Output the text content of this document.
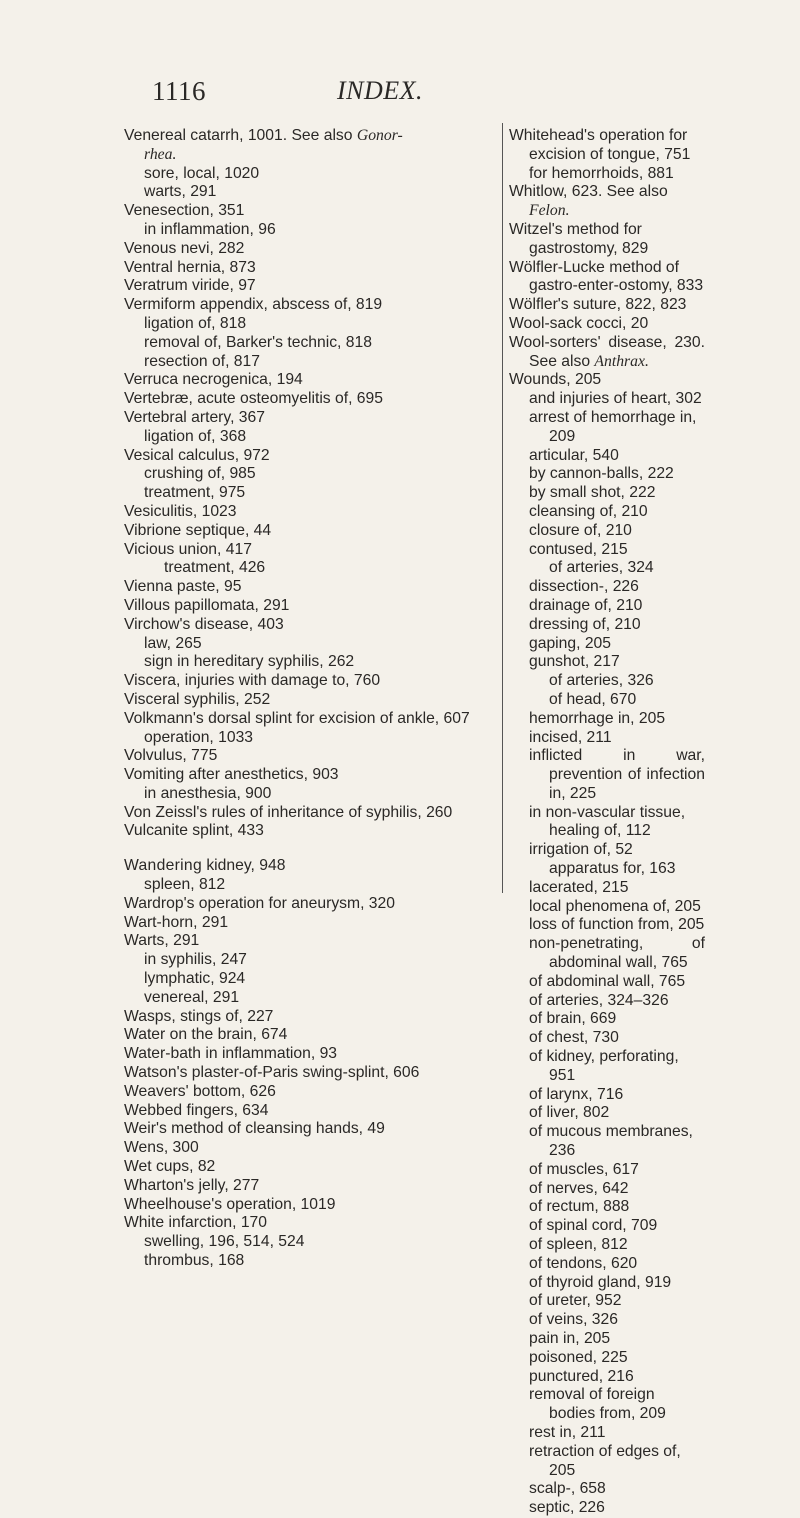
1116	INDEX.
Venereal catarrh, 1001. See also Gonor-
rhea.
sore, local, 1020
warts, 291
Venesection, 351
in inflammation, 96
Venous nevi, 282
Ventral hernia, 873
Veratrum viride, 97
Vermiform appendix, abscess of, 819
ligation of, 818
removal of, Barker's technic, 818
resection of, 817
Verruca necrogenica, 194
Vertebræ, acute osteomyelitis of, 695
Vertebral artery, 367
ligation of, 368
Vesical calculus, 972
crushing of, 985
treatment, 975
Vesiculitis, 1023
Vibrione septique, 44
Vicious union, 417
treatment, 426
Vienna paste, 95
Villous papillomata, 291
Virchow's disease, 403
law, 265
sign in hereditary syphilis, 262
Viscera, injuries with damage to, 760
Visceral syphilis, 252
Volkmann's dorsal splint for excision of ankle, 607
operation, 1033
Volvulus, 775
Vomiting after anesthetics, 903
in anesthesia, 900
Von Zeissl's rules of inheritance of syphilis, 260
Vulcanite splint, 433
Wandering kidney, 948
spleen, 812
Wardrop's operation for aneurysm, 320
Wart-horn, 291
Warts, 291
in syphilis, 247
lymphatic, 924
venereal, 291
Wasps, stings of, 227
Water on the brain, 674
Water-bath in inflammation, 93
Watson's plaster-of-Paris swing-splint, 606
Weavers' bottom, 626
Webbed fingers, 634
Weir's method of cleansing hands, 49
Wens, 300
Wet cups, 82
Wharton's jelly, 277
Wheelhouse's operation, 1019
White infarction, 170
swelling, 196, 514, 524
thrombus, 168
Whitehead's operation for excision of tongue, 751
for hemorrhoids, 881
Whitlow, 623. See also Felon.
Witzel's method for gastrostomy, 829
Wölfler-Lucke method of gastro-enter-ostomy, 833
Wölfler's suture, 822, 823
Wool-sack cocci, 20
Wool-sorters' disease, 230. See also Anthrax.
Wounds, 205
and injuries of heart, 302
arrest of hemorrhage in, 209
articular, 540
by cannon-balls, 222
by small shot, 222
cleansing of, 210
closure of, 210
contused, 215
of arteries, 324
dissection-, 226
drainage of, 210
dressing of, 210
gaping, 205
gunshot, 217
of arteries, 326
of head, 670
hemorrhage in, 205
incised, 211
inflicted in war, prevention of infection in, 225
in non-vascular tissue, healing of, 112
irrigation of, 52
apparatus for, 163
lacerated, 215
local phenomena of, 205
loss of function from, 205
non-penetrating, of abdominal wall, 765
of abdominal wall, 765
of arteries, 324–326
of brain, 669
of chest, 730
of kidney, perforating, 951
of larynx, 716
of liver, 802
of mucous membranes, 236
of muscles, 617
of nerves, 642
of rectum, 888
of spinal cord, 709
of spleen, 812
of tendons, 620
of thyroid gland, 919
of ureter, 952
of veins, 326
pain in, 205
poisoned, 225
punctured, 216
removal of foreign bodies from, 209
rest in, 211
retraction of edges of, 205
scalp-, 658
septic, 226
